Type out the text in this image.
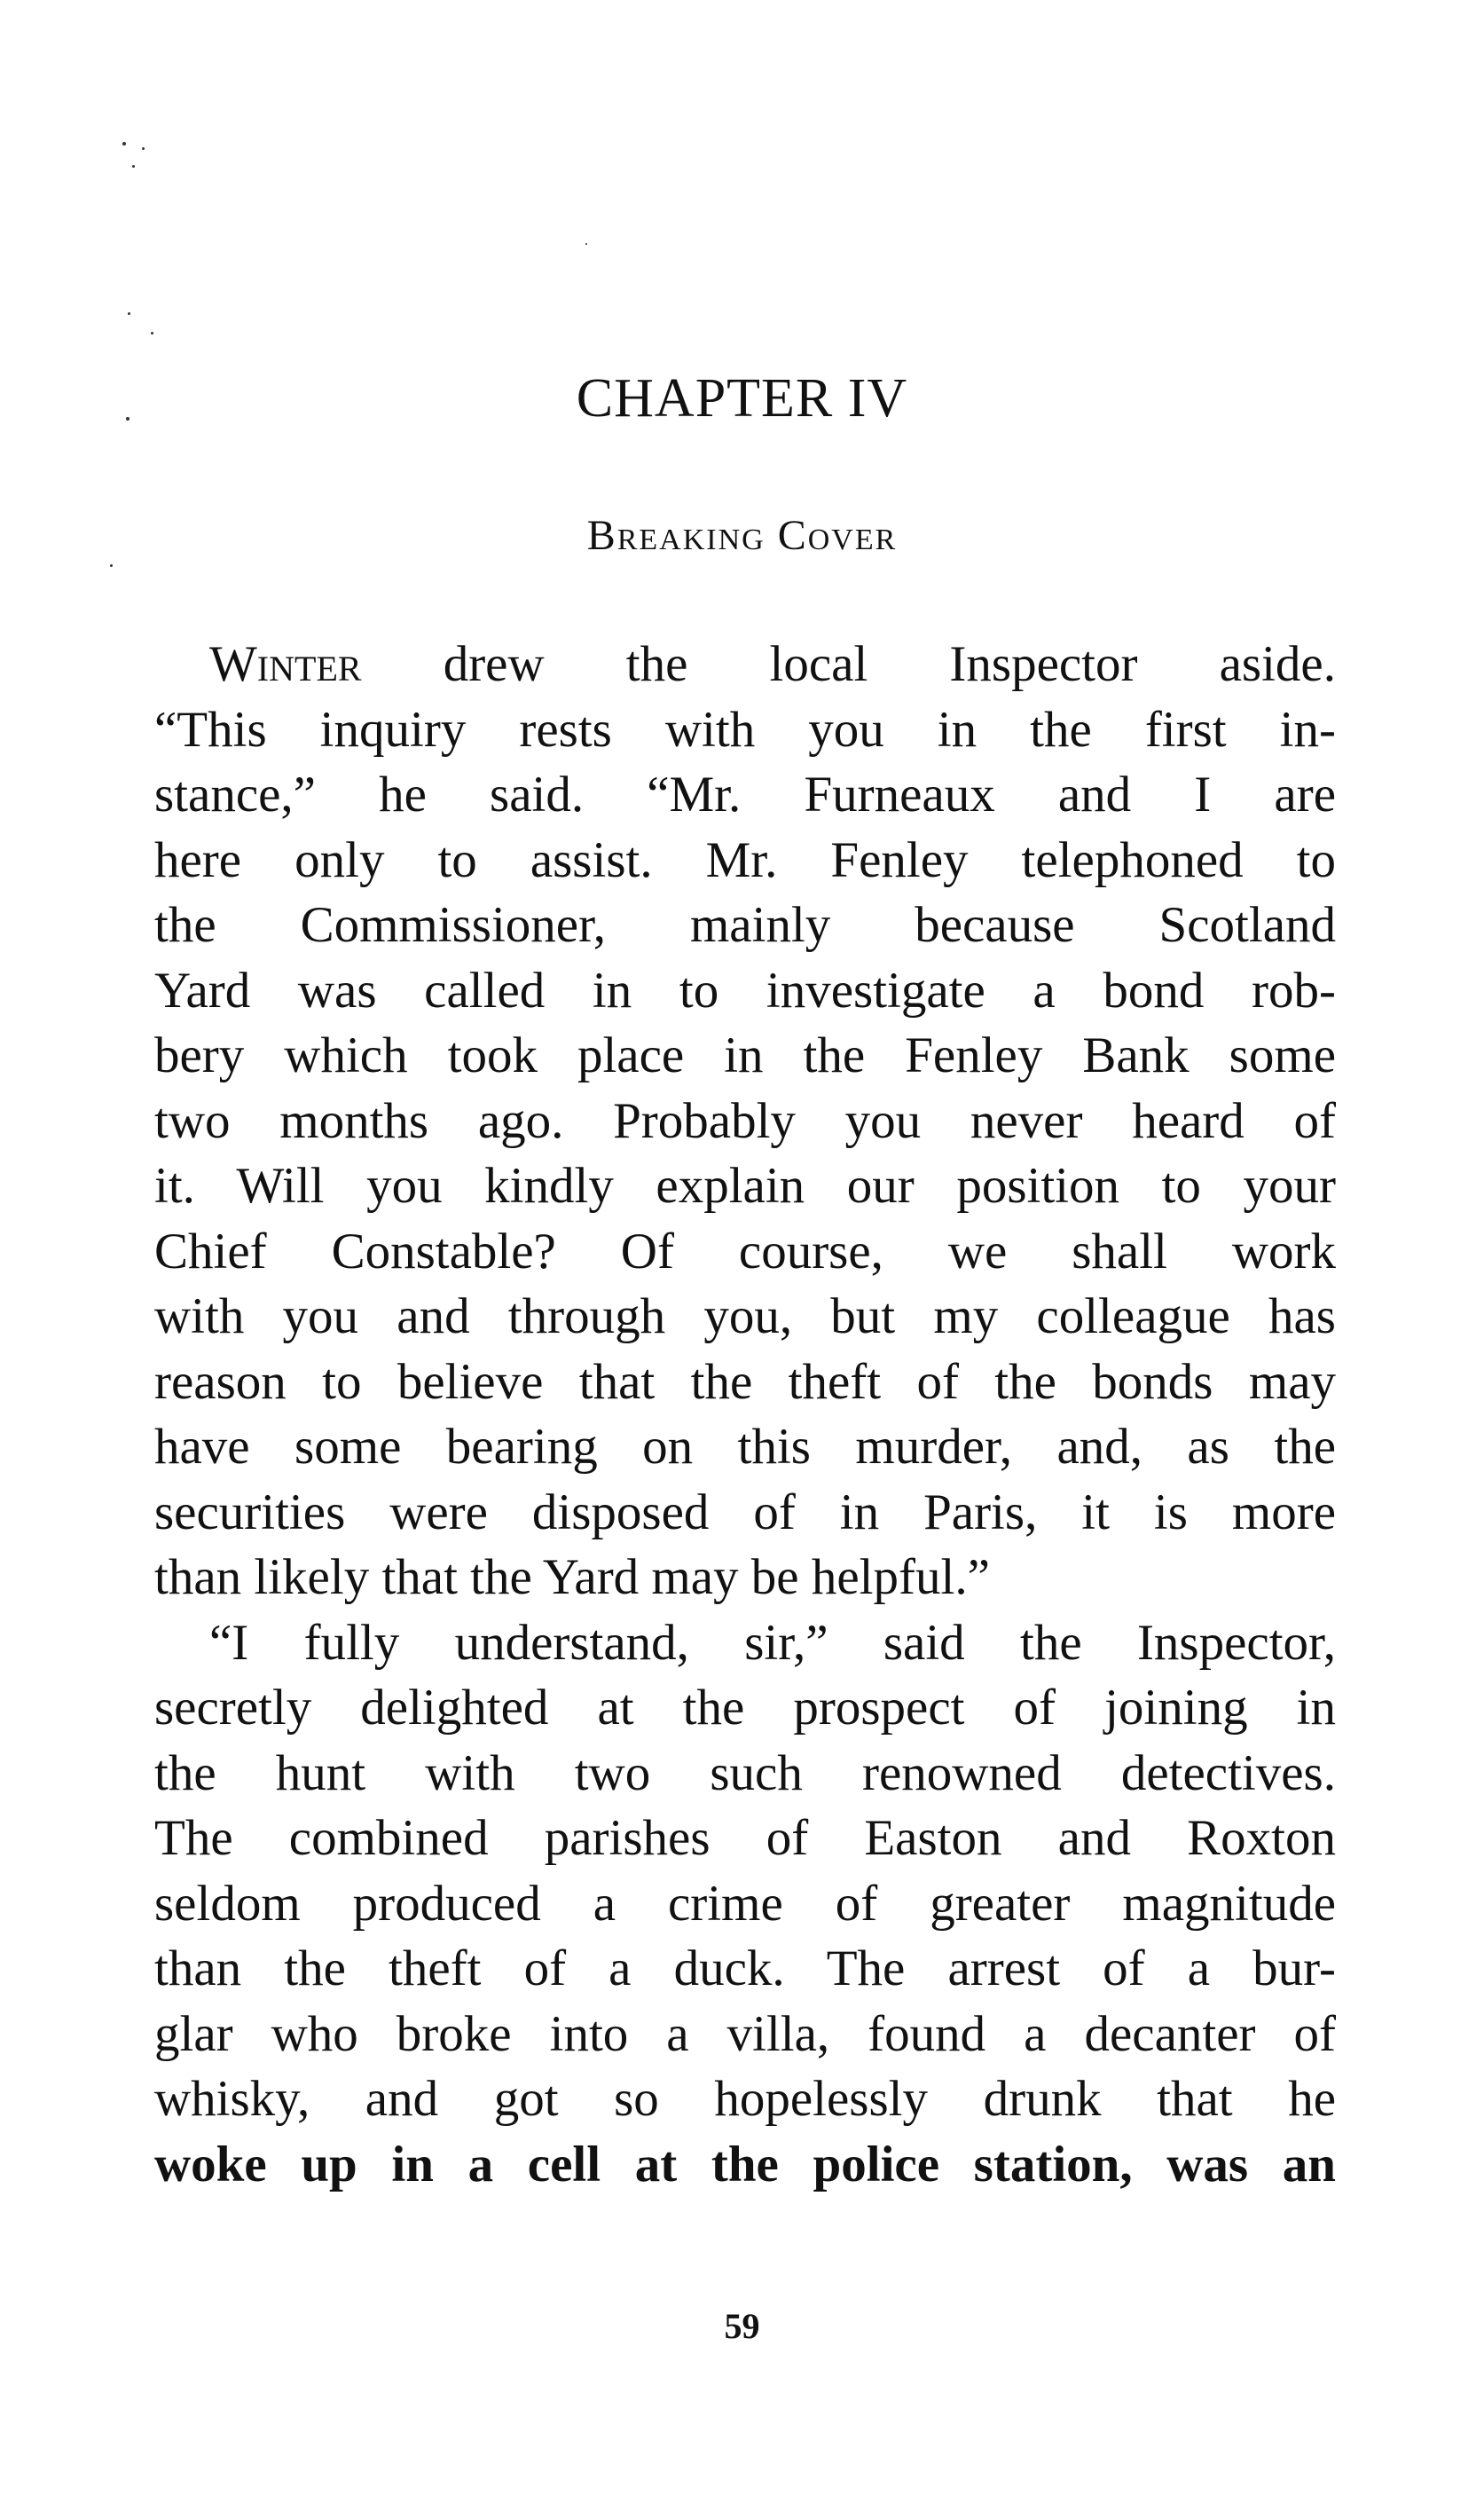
CHAPTER IV
Breaking Cover
Winter drew the local Inspector aside.
“This inquiry rests with you in the first in-
stance,” he said. “Mr. Furneaux and I are
here only to assist. Mr. Fenley telephoned to
the Commissioner, mainly because Scotland
Yard was called in to investigate a bond rob-
bery which took place in the Fenley Bank some
two months ago. Probably you never heard of
it. Will you kindly explain our position to your
Chief Constable? Of course, we shall work
with you and through you, but my colleague has
reason to believe that the theft of the bonds may
have some bearing on this murder, and, as the
securities were disposed of in Paris, it is more
than likely that the Yard may be helpful.”
“I fully understand, sir,” said the Inspector,
secretly delighted at the prospect of joining in
the hunt with two such renowned detectives.
The combined parishes of Easton and Roxton
seldom produced a crime of greater magnitude
than the theft of a duck. The arrest of a bur-
glar who broke into a villa, found a decanter of
whisky, and got so hopelessly drunk that he
woke up in a cell at the police station, was an

59
